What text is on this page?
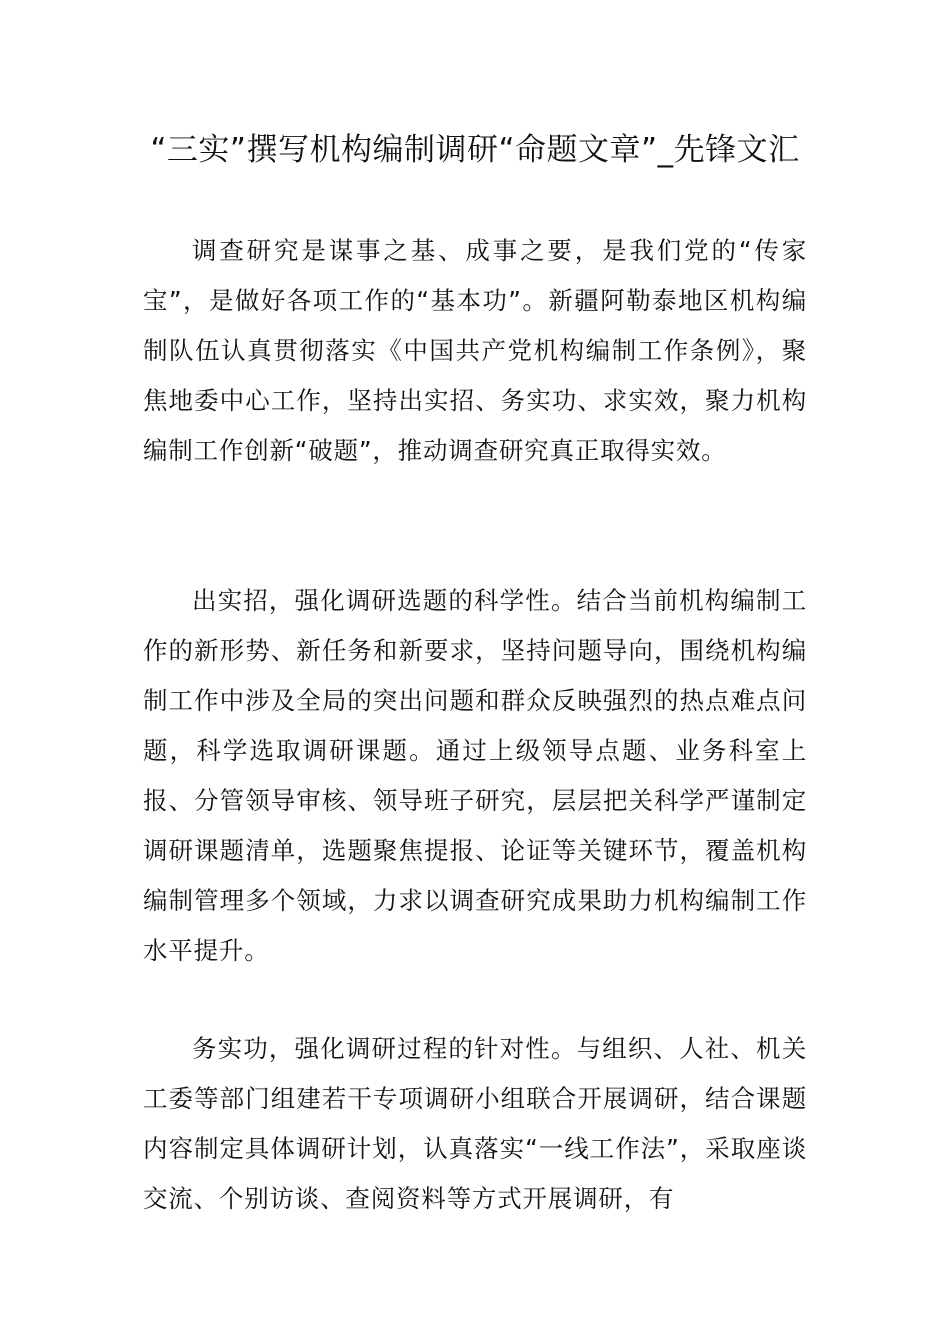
“三实”撰写机构编制调研“命题文章”_先锋文汇

调查研究是谋事之基、成事之要，是我们党的“传家宝”，是做好各项工作的“基本功”。新疆阿勒泰地区机构编制队伍认真贯彻落实《中国共产党机构编制工作条例》，聚焦地委中心工作，坚持出实招、务实功、求实效，聚力机构编制工作创新“破题”，推动调查研究真正取得实效。

出实招，强化调研选题的科学性。结合当前机构编制工作的新形势、新任务和新要求，坚持问题导向，围绕机构编制工作中涉及全局的突出问题和群众反映强烈的热点难点问题，科学选取调研课题。通过上级领导点题、业务科室上报、分管领导审核、领导班子研究，层层把关科学严谨制定调研课题清单，选题聚焦提报、论证等关键环节，覆盖机构编制管理多个领域，力求以调查研究成果助力机构编制工作水平提升。

务实功，强化调研过程的针对性。与组织、人社、机关工委等部门组建若干专项调研小组联合开展调研，结合课题内容制定具体调研计划，认真落实“一线工作法”，采取座谈交流、个别访谈、查阅资料等方式开展调研，有
